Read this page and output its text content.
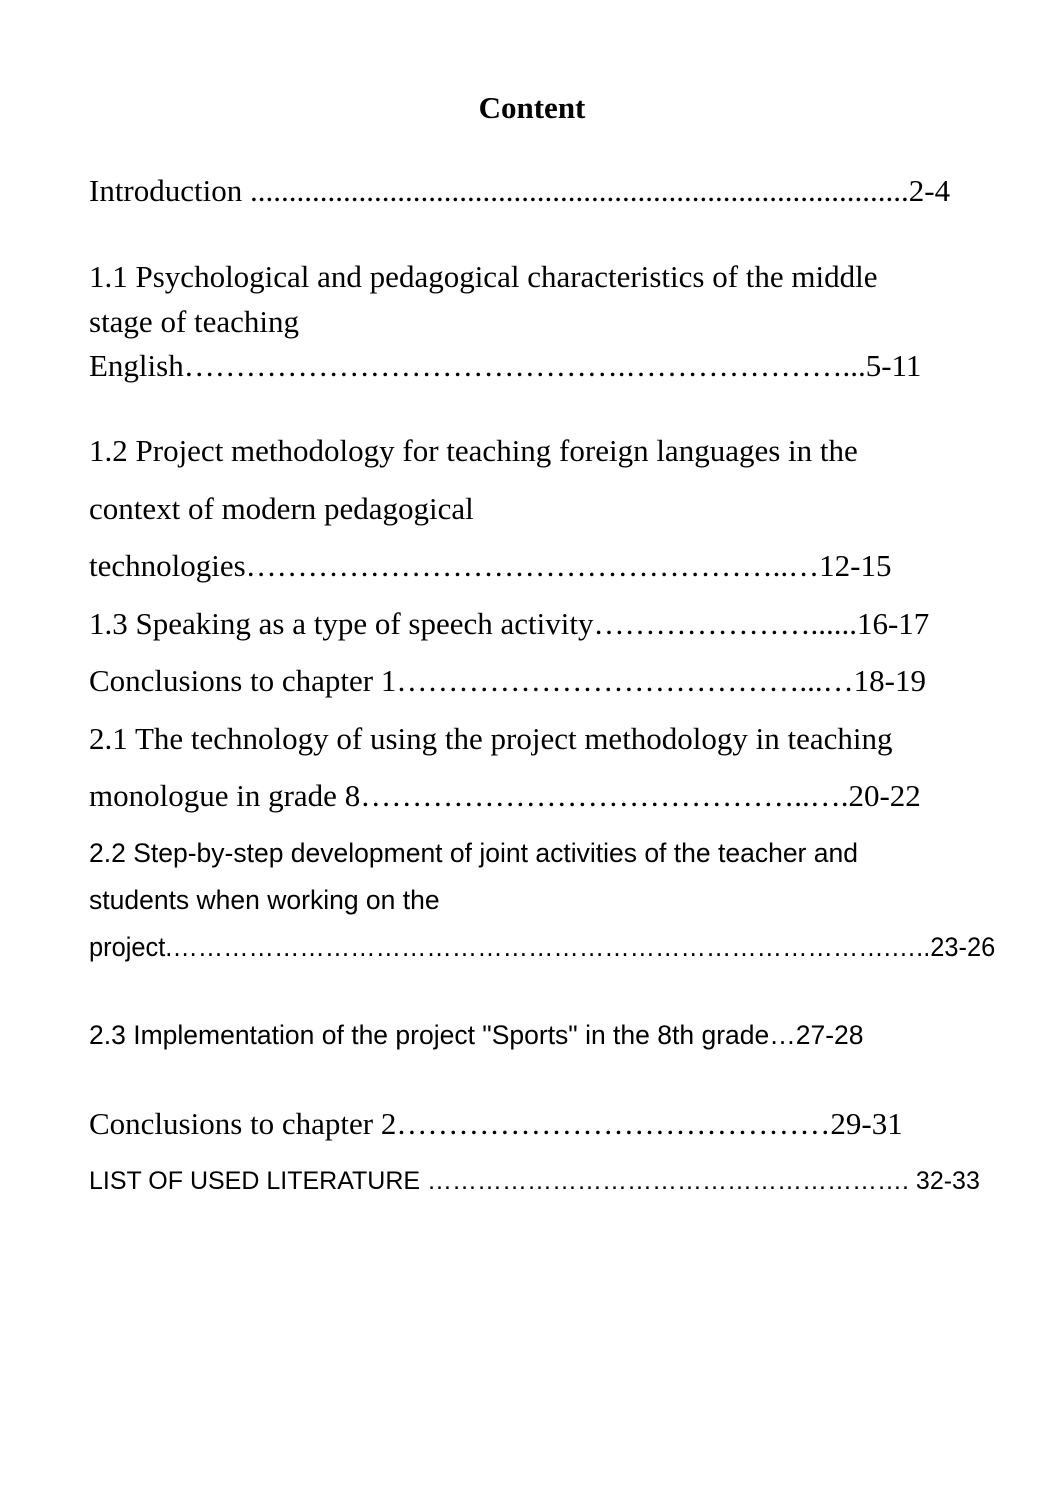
Content
Introduction .....................................................................................2-4
1.1 Psychological and pedagogical characteristics of the middle
stage of teaching
English…………………………………….…………………...5-11
1.2 Project methodology for teaching foreign languages in the
context of modern pedagogical
technologies……………………………………………..…12-15
1.3 Speaking as a type of speech activity…………………......16-17
Conclusions to chapter 1…………………………………...…18-19
2.1 The technology of using the project methodology in teaching
monologue in grade 8……………………………………..….20-22
2.2 Step-by-step development of joint activities of the teacher and
students when working on the
project.………………………………………………………………………….…..23-26
2.3 Implementation of the project "Sports" in the 8th grade…27-28
Conclusions to chapter 2……………………………………29-31
LIST OF USED LITERATURE …………………………………………………. 32-33
